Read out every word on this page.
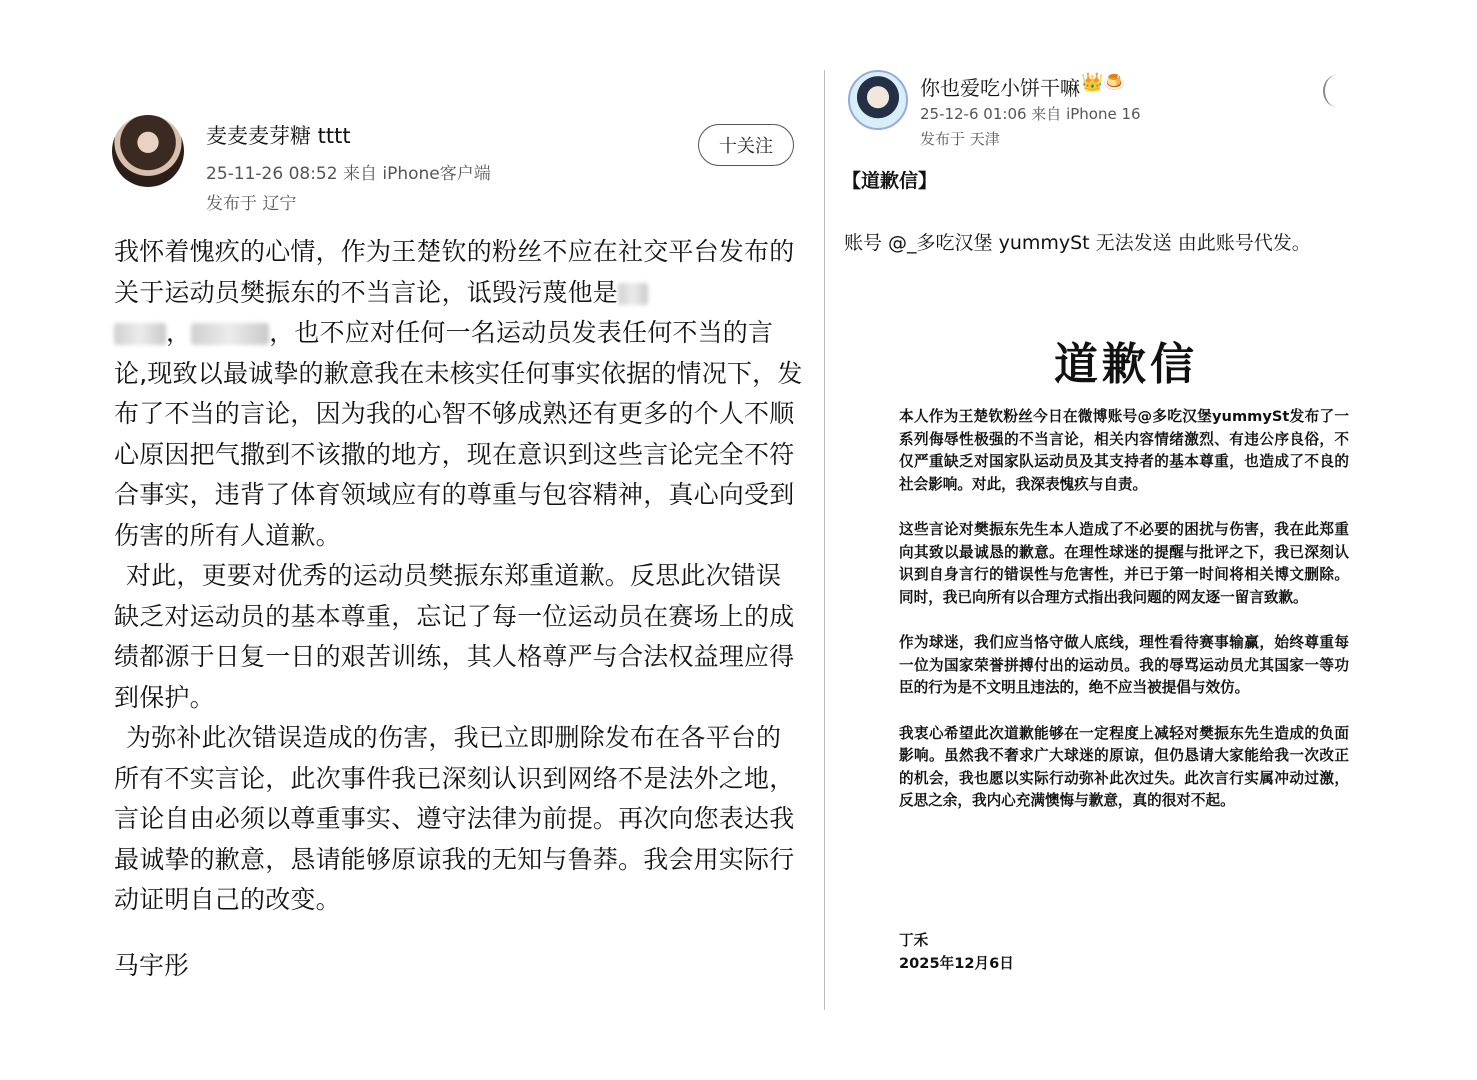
麦麦麦芽糖 tttt
25-11-26 08:52 来自 iPhone客户端
发布于 辽宁
十关注

我怀着愧疚的心情，作为王楚钦的粉丝不应在社交平台发布的关于运动员樊振东的不当言论，诋毁污蔑他是
，	，也不应对任何一名运动员发表任何不当的言论,现致以最诚挚的歉意我在未核实任何事实依据的情况下，发布了不当的言论，因为我的心智不够成熟还有更多的个人不顺心原因把气撒到不该撒的地方，现在意识到这些言论完全不符合事实，违背了体育领域应有的尊重与包容精神，真心向受到伤害的所有人道歉。

对此，更要对优秀的运动员樊振东郑重道歉。反思此次错误缺乏对运动员的基本尊重，忘记了每一位运动员在赛场上的成绩都源于日复一日的艰苦训练，其人格尊严与合法权益理应得到保护。

为弥补此次错误造成的伤害，我已立即删除发布在各平台的所有不实言论，此次事件我已深刻认识到网络不是法外之地，言论自由必须以尊重事实、遵守法律为前提。再次向您表达我最诚挚的歉意，恳请能够原谅我的无知与鲁莽。我会用实际行动证明自己的改变。

马宇彤
你也爱吃小饼干嘛 👑🍮
25-12-6 01:06 来自 iPhone 16
发布于 天津
【道歉信】
账号 @_多吃汉堡 yummySt 无法发送 由此账号代发。
道歉信

本人作为王楚钦粉丝今日在微博账号@多吃汉堡yummySt发布了一系列侮辱性极强的不当言论，相关内容情绪激烈、有违公序良俗，不仅严重缺乏对国家队运动员及其支持者的基本尊重，也造成了不良的社会影响。对此，我深表愧疚与自责。

这些言论对樊振东先生本人造成了不必要的困扰与伤害，我在此郑重向其致以最诚恳的歉意。在理性球迷的提醒与批评之下，我已深刻认识到自身言行的错误性与危害性，并已于第一时间将相关博文删除。同时，我已向所有以合理方式指出我问题的网友逐一留言致歉。

作为球迷，我们应当恪守做人底线，理性看待赛事输赢，始终尊重每一位为国家荣誉拼搏付出的运动员。我的辱骂运动员尤其国家一等功臣的行为是不文明且违法的，绝不应当被提倡与效仿。

我衷心希望此次道歉能够在一定程度上减轻对樊振东先生造成的负面影响。虽然我不奢求广大球迷的原谅，但仍恳请大家能给我一次改正的机会，我也愿以实际行动弥补此次过失。此次言行实属冲动过激，反思之余，我内心充满懊悔与歉意，真的很对不起。

丁禾
2025年12月6日
